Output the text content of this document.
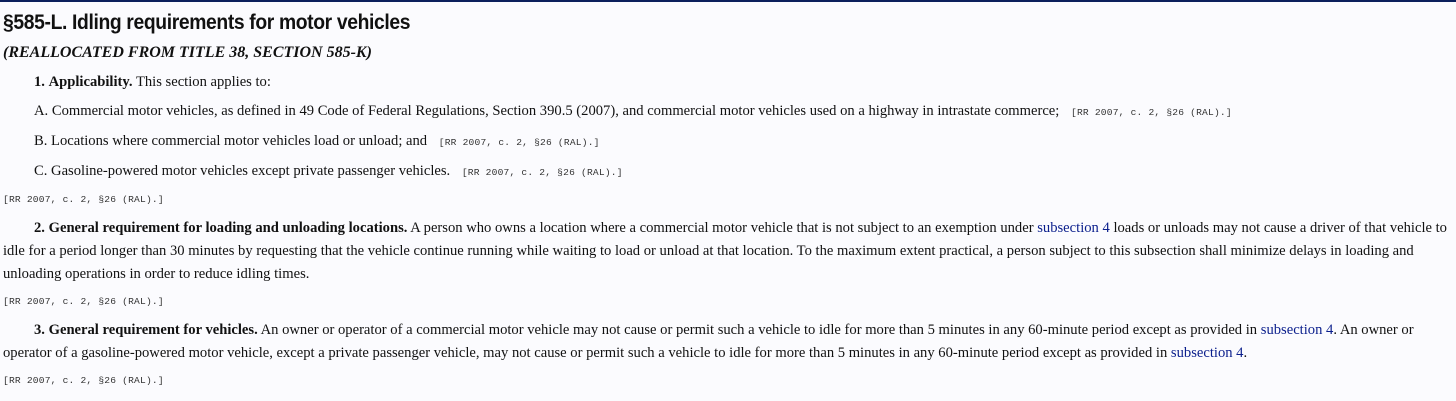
§585-L. Idling requirements for motor vehicles
(REALLOCATED FROM TITLE 38, SECTION 585-K)

1. Applicability. This section applies to:

A. Commercial motor vehicles, as defined in 49 Code of Federal Regulations, Section 390.5 (2007), and commercial motor vehicles used on a highway in intrastate commerce; [RR 2007, c. 2, §26 (RAL).]

B. Locations where commercial motor vehicles load or unload; and [RR 2007, c. 2, §26 (RAL).]

C. Gasoline-powered motor vehicles except private passenger vehicles. [RR 2007, c. 2, §26 (RAL).]

[RR 2007, c. 2, §26 (RAL).]

2. General requirement for loading and unloading locations. A person who owns a location where a commercial motor vehicle that is not subject to an exemption under subsection 4 loads or unloads may not cause a driver of that vehicle to idle for a period longer than 30 minutes by requesting that the vehicle continue running while waiting to load or unload at that location. To the maximum extent practical, a person subject to this subsection shall minimize delays in loading and unloading operations in order to reduce idling times.

[RR 2007, c. 2, §26 (RAL).]

3. General requirement for vehicles. An owner or operator of a commercial motor vehicle may not cause or permit such a vehicle to idle for more than 5 minutes in any 60-minute period except as provided in subsection 4. An owner or operator of a gasoline-powered motor vehicle, except a private passenger vehicle, may not cause or permit such a vehicle to idle for more than 5 minutes in any 60-minute period except as provided in subsection 4.

[RR 2007, c. 2, §26 (RAL).]
